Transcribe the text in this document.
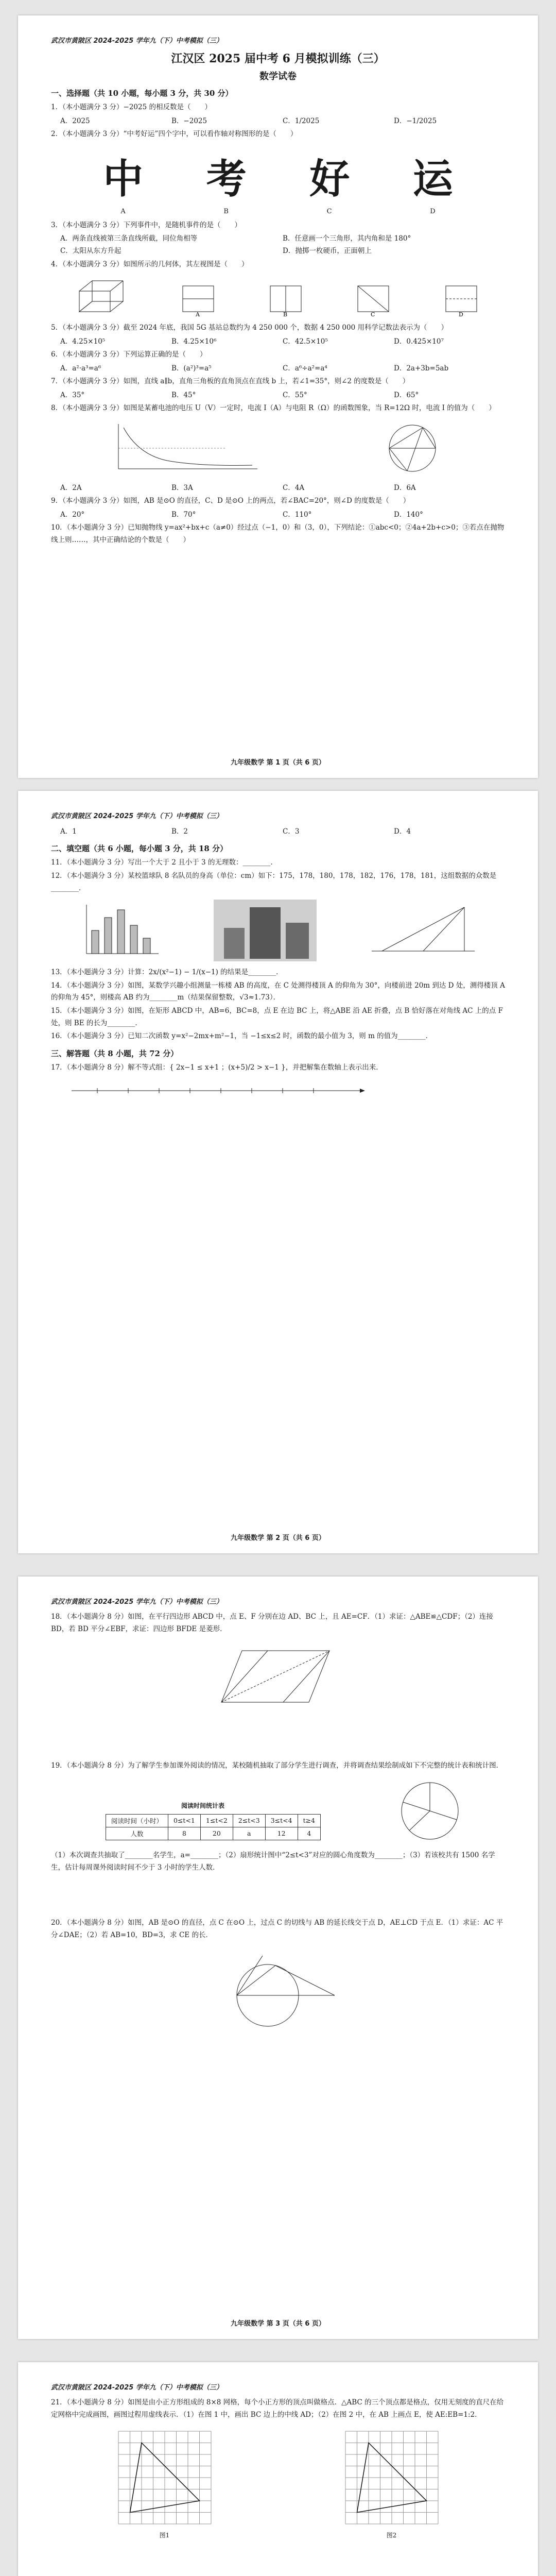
武汉市黄陂区 2024-2025 学年九（下）中考模拟（三）
江汉区 2025 届中考 6 月模拟训练（三）
数学试卷
一、选择题（共 10 小题，每小题 3 分，共 30 分）
1．（本小题满分 3 分）−2025 的相反数是（　　）
A．2025	B．−2025	C．1/2025	D．−1/2025
2．（本小题满分 3 分）“中考好运”四个字中，可以看作轴对称图形的是（　　）
中 考 好 运
A	B	C	D
3．（本小题满分 3 分）下列事件中，是随机事件的是（　　）
A．两条直线被第三条直线所截，同位角相等	B．任意画一个三角形，其内角和是 180°
C．太阳从东方升起	D．抛掷一枚硬币，正面朝上
4．（本小题满分 3 分）如图所示的几何体，其左视图是（　　）
A	B	C	D
5．（本小题满分 3 分）截至 2024 年底，我国 5G 基站总数约为 4 250 000 个，数据 4 250 000 用科学记数法表示为（　　）
A．4.25×10⁵	B．4.25×10⁶	C．42.5×10⁵	D．0.425×10⁷
6．（本小题满分 3 分）下列运算正确的是（　　）
A．a²·a³=a⁶	B．(a²)³=a⁵	C．a⁶÷a²=a⁴	D．2a+3b=5ab
7．（本小题满分 3 分）如图，直线 a∥b，直角三角板的直角顶点在直线 b 上，若∠1=35°，则∠2 的度数是（　　）
A．35°	B．45°	C．55°	D．65°
8．（本小题满分 3 分）如图是某蓄电池的电压 U（V）一定时，电流 I（A）与电阻 R（Ω）的函数图象，当 R=12Ω 时，电流 I 的值为（　　）
A．2A	B．3A	C．4A	D．6A
9．（本小题满分 3 分）如图，AB 是⊙O 的直径，C、D 是⊙O 上的两点，若∠BAC=20°，则∠D 的度数是（　　）
A．20°	B．70°	C．110°	D．140°
10．（本小题满分 3 分）已知抛物线 y=ax²+bx+c（a≠0）经过点（−1，0）和（3，0），下列结论：①abc<0；②4a+2b+c>0；③若点在抛物线上则……，其中正确结论的个数是（　　）
九年级数学 第 1 页（共 6 页）
武汉市黄陂区 2024-2025 学年九（下）中考模拟（三）
A．1	B．2	C．3	D．4
二、填空题（共 6 小题，每小题 3 分，共 18 分）
11．（本小题满分 3 分）写出一个大于 2 且小于 3 的无理数：________．
12．（本小题满分 3 分）某校篮球队 8 名队员的身高（单位：cm）如下：175，178，180，178，182，176，178，181，这组数据的众数是________．
13．（本小题满分 3 分）计算：2x/(x²−1) − 1/(x−1) 的结果是________．
14．（本小题满分 3 分）如图，某数学兴趣小组测量一栋楼 AB 的高度，在 C 处测得楼顶 A 的仰角为 30°，向楼前进 20m 到达 D 处，测得楼顶 A 的仰角为 45°，则楼高 AB 约为________m（结果保留整数，√3≈1.73）．
15．（本小题满分 3 分）如图，在矩形 ABCD 中，AB=6，BC=8，点 E 在边 BC 上，将△ABE 沿 AE 折叠，点 B 恰好落在对角线 AC 上的点 F 处，则 BE 的长为________．
16．（本小题满分 3 分）已知二次函数 y=x²−2mx+m²−1，当 −1≤x≤2 时，函数的最小值为 3，则 m 的值为________．
三、解答题（共 8 小题，共 72 分）
17．（本小题满分 8 分）解不等式组：{ 2x−1 ≤ x+1 ；(x+5)/2 > x−1 }，并把解集在数轴上表示出来．
九年级数学 第 2 页（共 6 页）
武汉市黄陂区 2024-2025 学年九（下）中考模拟（三）
18．（本小题满分 8 分）如图，在平行四边形 ABCD 中，点 E、F 分别在边 AD、BC 上，且 AE=CF．（1）求证：△ABE≌△CDF；（2）连接 BD，若 BD 平分∠EBF，求证：四边形 BFDE 是菱形．
19．（本小题满分 8 分）为了解学生参加课外阅读的情况，某校随机抽取了部分学生进行调查，并将调查结果绘制成如下不完整的统计表和统计图．
阅读时间统计表
阅读时间（小时）	0≤t<1	1≤t<2	2≤t<3	3≤t<4	t≥4
人数	8	20	a	12	4
（1）本次调查共抽取了________名学生，a=________；（2）扇形统计图中“2≤t<3”对应的圆心角度数为________；（3）若该校共有 1500 名学生，估计每周课外阅读时间不少于 3 小时的学生人数．
20．（本小题满分 8 分）如图，AB 是⊙O 的直径，点 C 在⊙O 上，过点 C 的切线与 AB 的延长线交于点 D，AE⊥CD 于点 E．（1）求证：AC 平分∠DAE；（2）若 AB=10，BD=3，求 CE 的长．
九年级数学 第 3 页（共 6 页）
武汉市黄陂区 2024-2025 学年九（下）中考模拟（三）
21．（本小题满分 8 分）如图是由小正方形组成的 8×8 网格，每个小正方形的顶点叫做格点．△ABC 的三个顶点都是格点，仅用无刻度的直尺在给定网格中完成画图，画图过程用虚线表示．（1）在图 1 中，画出 BC 边上的中线 AD；（2）在图 2 中，在 AB 上画点 E，使 AE:EB=1:2．
图1	图2
